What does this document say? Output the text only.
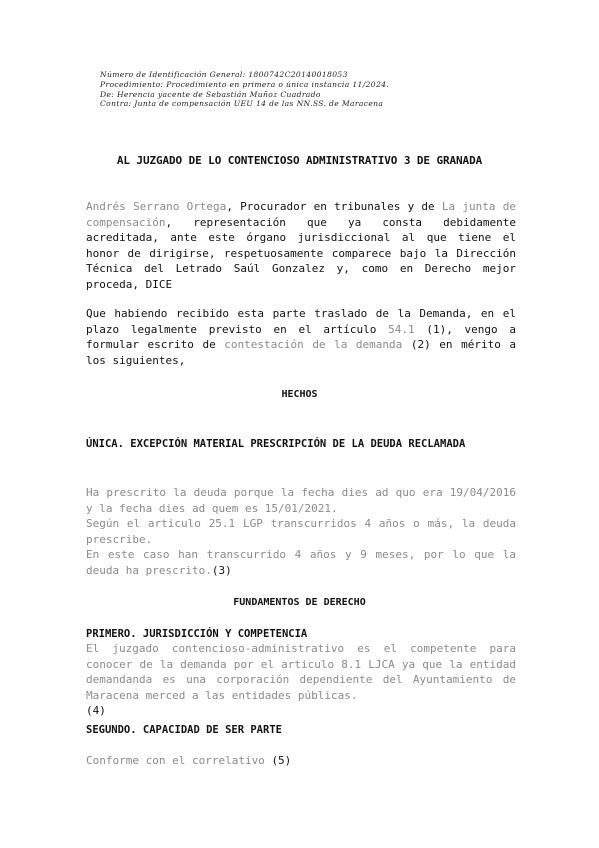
Número de Identificación General: 1800742C20140018053
Procedimiento: Procedimiento en primera o única instancia 11/2024.
De: Herencia yacente de Sebastián Muñoz Cuadrado
Contra: Junta de compensación UEU 14 de las NN.SS. de Maracena
AL JUZGADO DE LO CONTENCIOSO ADMINISTRATIVO 3 DE GRANADA
Andrés Serrano Ortega, Procurador en tribunales y de La junta de compensación, representación que ya consta debidamente acreditada, ante este órgano jurisdiccional al que tiene el honor de dirigirse, respetuosamente comparece bajo la Dirección Técnica del Letrado Saúl Gonzalez y, como en Derecho mejor proceda, DICE
Que habiendo recibido esta parte traslado de la Demanda, en el plazo legalmente previsto en el artículo 54.1 (1), vengo a formular escrito de contestación de la demanda (2) en mérito a los siguientes,
HECHOS
ÚNICA. EXCEPCIÓN MATERIAL PRESCRIPCIÓN DE LA DEUDA RECLAMADA
Ha prescrito la deuda porque la fecha dies ad quo era 19/04/2016 y la fecha dies ad quem es 15/01/2021.
Según el articulo 25.1 LGP transcurridos 4 años o más, la deuda prescribe.
En este caso han transcurrido 4 años y 9 meses, por lo que la deuda ha prescrito.(3)
FUNDAMENTOS DE DERECHO
PRIMERO. JURISDICCIÓN Y COMPETENCIA
El juzgado contencioso-administrativo es el competente para conocer de la demanda por el articulo 8.1 LJCA ya que la entidad demandanda es una corporación dependiente del Ayuntamiento de Maracena merced a las entidades públicas.
(4)
SEGUNDO. CAPACIDAD DE SER PARTE
Conforme con el correlativo (5)
